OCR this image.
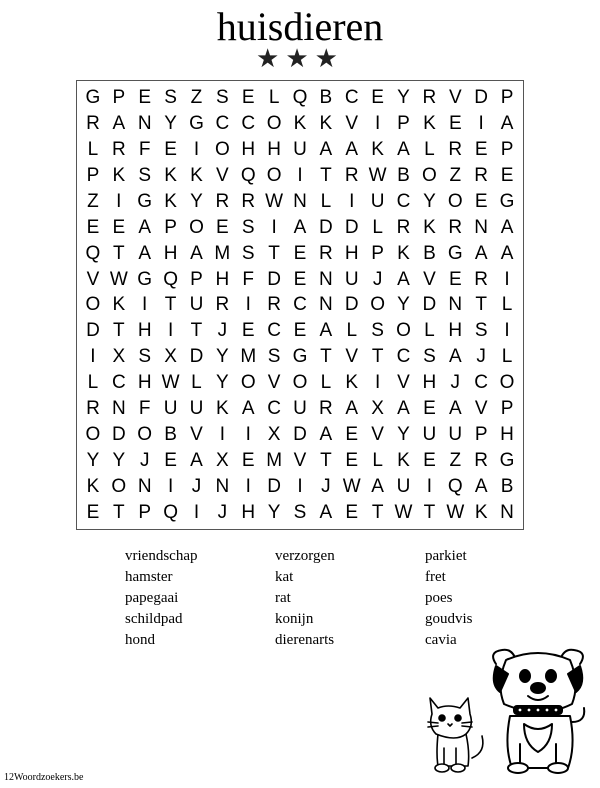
huisdieren
★★★
G P E S Z S E L Q B C E Y R V D P
R A N Y G C C O K K V I P K E I A
L R F E I O H H U A A K A L R E P
P K S K K V Q O I T R W B O Z R E
Z I G K Y R R W N L I U C Y O E G
E E A P O E S I A D D L R K R N A
Q T A H A M S T E R H P K B G A A
V W G Q P H F D E N U J A V E R I
O K I T U R I R C N D O Y D N T L
D T H I T J E C E A L S O L H S I
I X S X D Y M S G T V T C S A J L
L C H W L Y O V O L K I V H J C O
R N F U U K A C U R A X A E A V P
O D O B V I	I X D A E V Y U U P H
Y Y J E A X E M V T E L K E Z R G
K O N I J N I D I J W A U I Q A B
E T P Q I J H Y S A E T W T W K N
vriendschap
hamster
papegaai
schildpad
hond
verzorgen
kat
rat
konijn
dierenarts
parkiet
fret
poes
goudvis
cavia
12Woordzoekers.be
